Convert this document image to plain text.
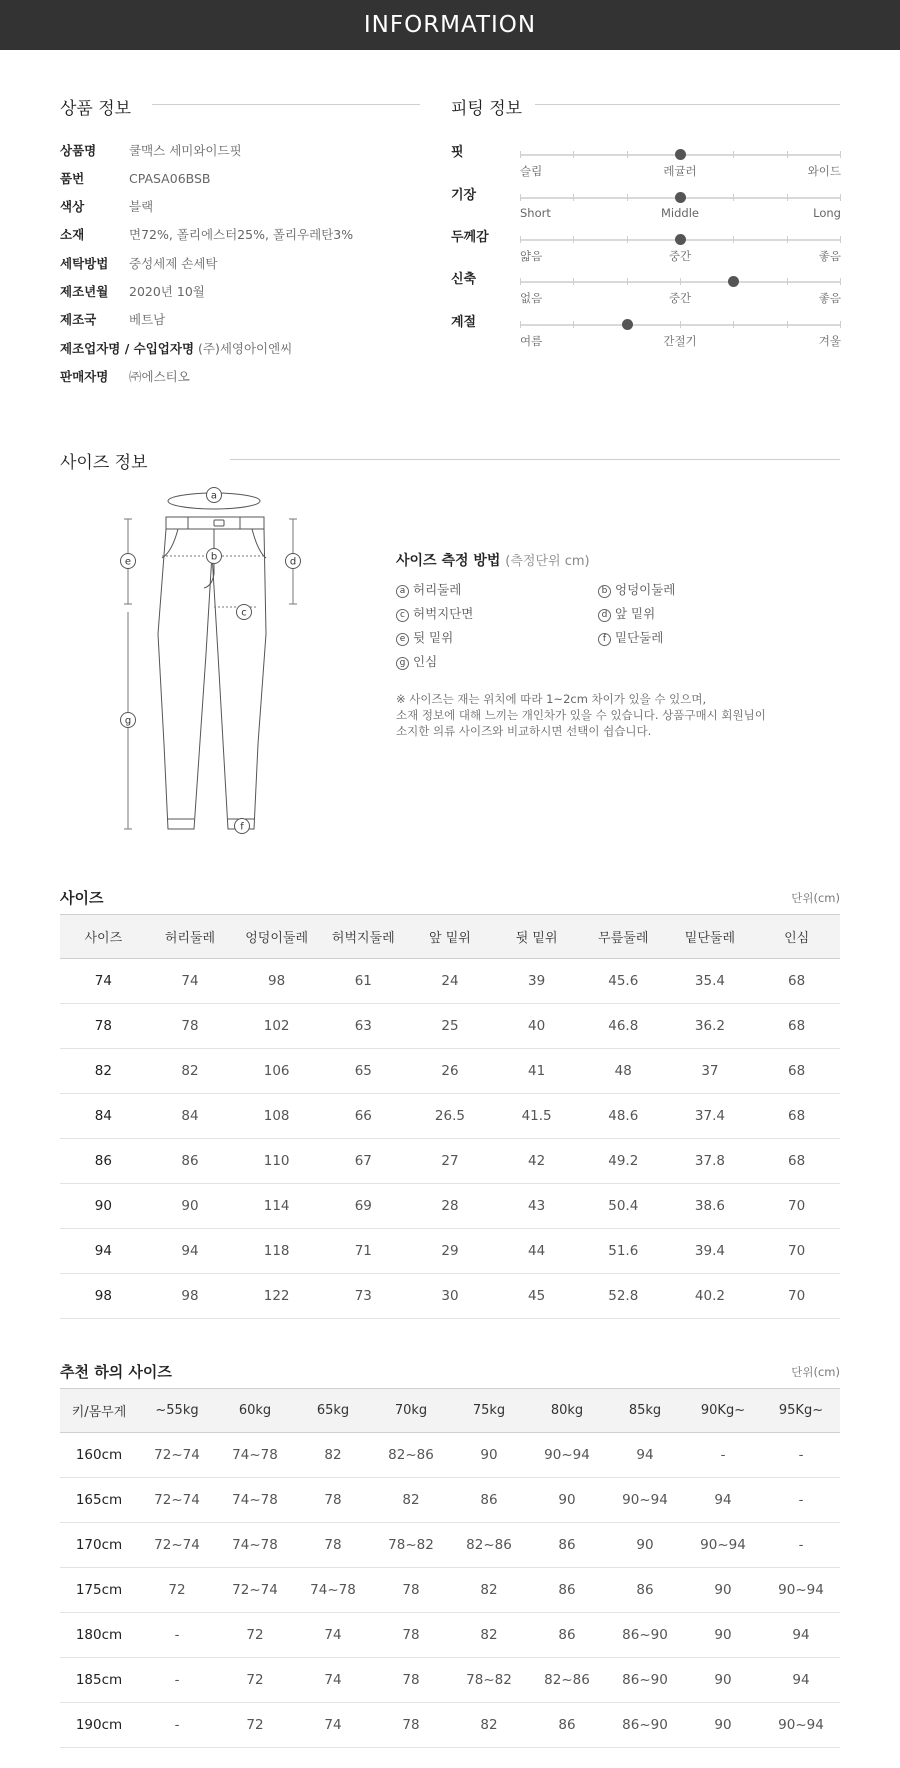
INFORMATION
상품 정보
상품명	쿨맥스 세미와이드핏
품번	CPASA06BSB
색상	블랙
소재	면72%, 폴리에스터25%, 폴리우레탄3%
세탁방법 중성세제 손세탁
제조년월 2020년 10월
제조국	베트남
제조업자명 / 수입업자명 (주)세영아이엔씨
판매자명 ㈜에스티오
피팅 정보
핏
슬림	레귤러	와이드
기장
Short	Middle	Long
두께감
얇음	중간	좋음
신축
없음	중간	좋음
계절
여름	간절기	겨울
사이즈 정보
a
b
c
d
e
f
g
사이즈 측정 방법 (측정단위 cm)
a 허리둘레	b 엉덩이둘레
c 허벅지단면	d 앞 밑위
e 뒷 밑위	f 밑단둘레
g 인심
※ 사이즈는 재는 위치에 따라 1~2cm 차이가 있을 수 있으며,
소재 정보에 대해 느끼는 개인차가 있을 수 있습니다. 상품구매시 회원님이
소지한 의류 사이즈와 비교하시면 선택이 쉽습니다.
사이즈	단위(cm)
사이즈	허리둘레	엉덩이둘레	허벅지둘레	앞 밑위	뒷 밑위	무릎둘레	밑단둘레	인심
74	74	98	61	24	39	45.6	35.4	68
78	78	102	63	25	40	46.8	36.2	68
82	82	106	65	26	41	48	37	68
84	84	108	66	26.5	41.5	48.6	37.4	68
86	86	110	67	27	42	49.2	37.8	68
90	90	114	69	28	43	50.4	38.6	70
94	94	118	71	29	44	51.6	39.4	70
98	98	122	73	30	45	52.8	40.2	70
추천 하의 사이즈	단위(cm)
키/몸무게	~55kg	60kg	65kg	70kg	75kg	80kg	85kg	90Kg~	95Kg~
160cm	72~74	74~78	82	82~86	90	90~94	94	-	-
165cm	72~74	74~78	78	82	86	90	90~94	94	-
170cm	72~74	74~78	78	78~82	82~86	86	90	90~94	-
175cm	72	72~74	74~78	78	82	86	86	90	90~94
180cm	-	72	74	78	82	86	86~90	90	94
185cm	-	72	74	78	78~82	82~86	86~90	90	94
190cm	-	72	74	78	82	86	86~90	90	90~94
